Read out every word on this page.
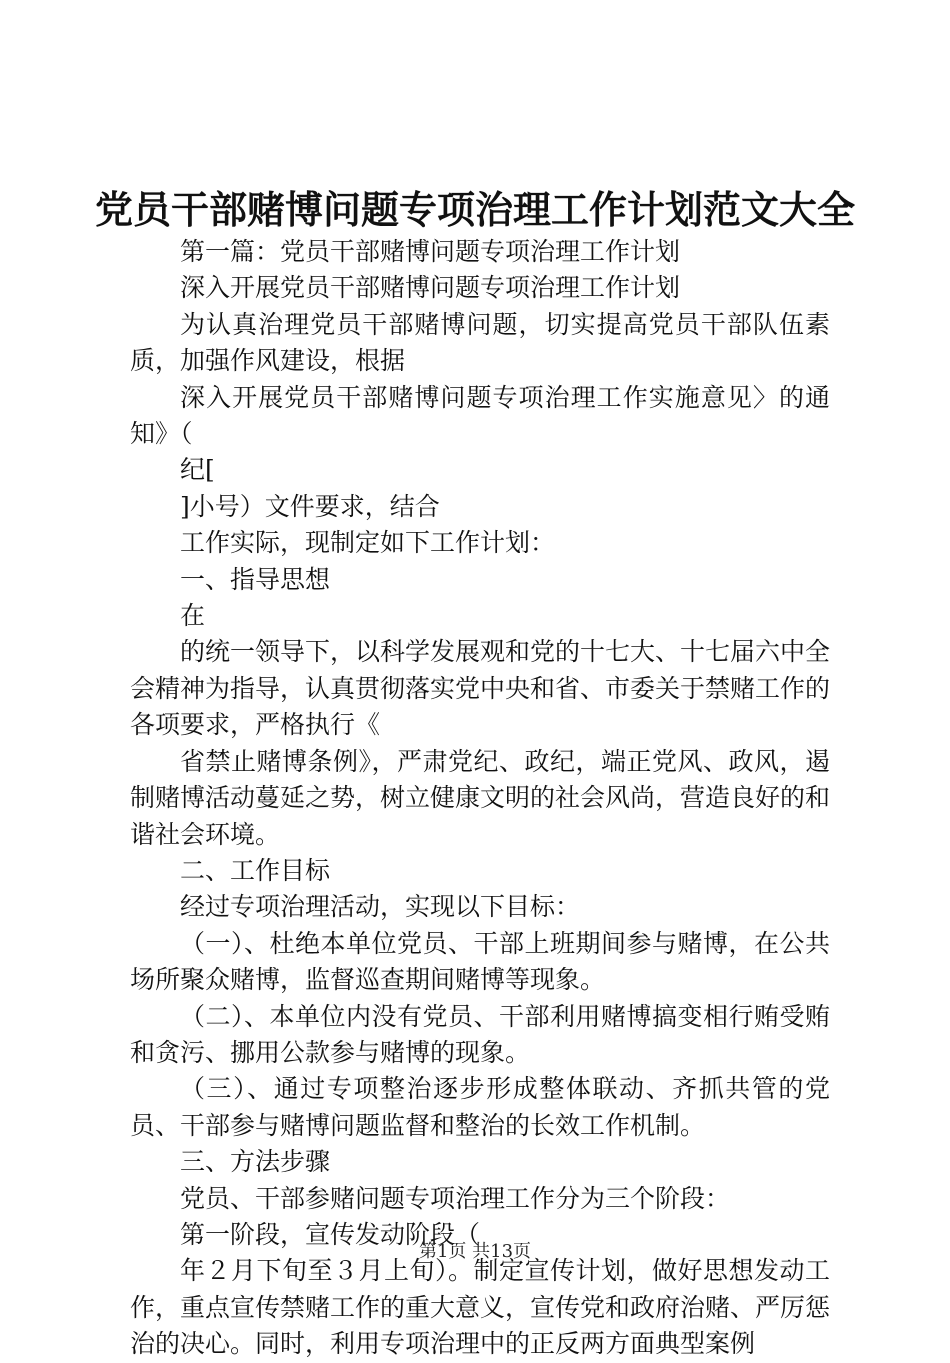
党员干部赌博问题专项治理工作计划范文大全

第一篇：党员干部赌博问题专项治理工作计划

深入开展党员干部赌博问题专项治理工作计划

为认真治理党员干部赌博问题，切实提高党员干部队伍素质，加强作风建设，根据

深入开展党员干部赌博问题专项治理工作实施意见〉的通知》（

纪[

]小号）文件要求，结合

工作实际，现制定如下工作计划：

一、指导思想

在

的统一领导下，以科学发展观和党的十七大、十七届六中全会精神为指导，认真贯彻落实党中央和省、市委关于禁赌工作的各项要求，严格执行《

省禁止赌博条例》，严肃党纪、政纪，端正党风、政风，遏制赌博活动蔓延之势，树立健康文明的社会风尚，营造良好的和谐社会环境。

二、工作目标

经过专项治理活动，实现以下目标：

（一）、杜绝本单位党员、干部上班期间参与赌博，在公共场所聚众赌博，监督巡查期间赌博等现象。

（二）、本单位内没有党员、干部利用赌博搞变相行贿受贿和贪污、挪用公款参与赌博的现象。

（三）、通过专项整治逐步形成整体联动、齐抓共管的党员、干部参与赌博问题监督和整治的长效工作机制。

三、方法步骤

党员、干部参赌问题专项治理工作分为三个阶段：

第一阶段，宣传发动阶段（

年２月下旬至３月上旬）。制定宣传计划，做好思想发动工作，重点宣传禁赌工作的重大意义，宣传党和政府治赌、严厉惩治的决心。同时，利用专项治理中的正反两方面典型案例

第1页 共13页
